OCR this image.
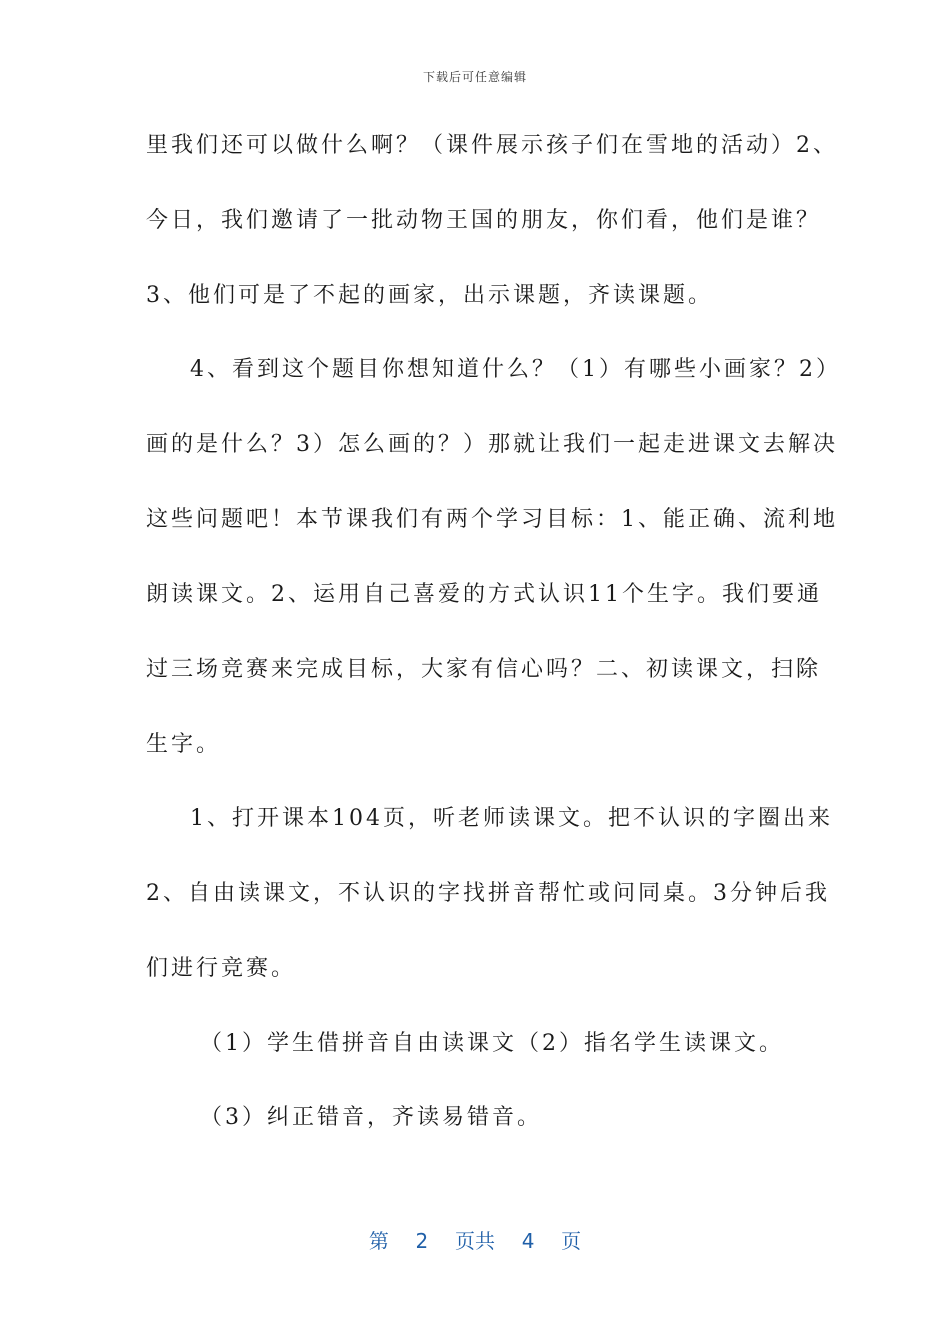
下载后可任意编辑
里我们还可以做什么啊？（课件展示孩子们在雪地的活动）2、
今日，我们邀请了一批动物王国的朋友，你们看，他们是谁？
3、他们可是了不起的画家，出示课题，齐读课题。
4、看到这个题目你想知道什么？（1）有哪些小画家？2）
画的是什么？3）怎么画的？）那就让我们一起走进课文去解决
这些问题吧！本节课我们有两个学习目标：1、能正确、流利地
朗读课文。2、运用自己喜爱的方式认识11个生字。我们要通
过三场竞赛来完成目标，大家有信心吗？二、初读课文，扫除
生字。
1、打开课本104页，听老师读课文。把不认识的字圈出来
2、自由读课文，不认识的字找拼音帮忙或问同桌。3分钟后我
们进行竞赛。
（1）学生借拼音自由读课文（2）指名学生读课文。
（3）纠正错音，齐读易错音。
第 2 页共 4 页
